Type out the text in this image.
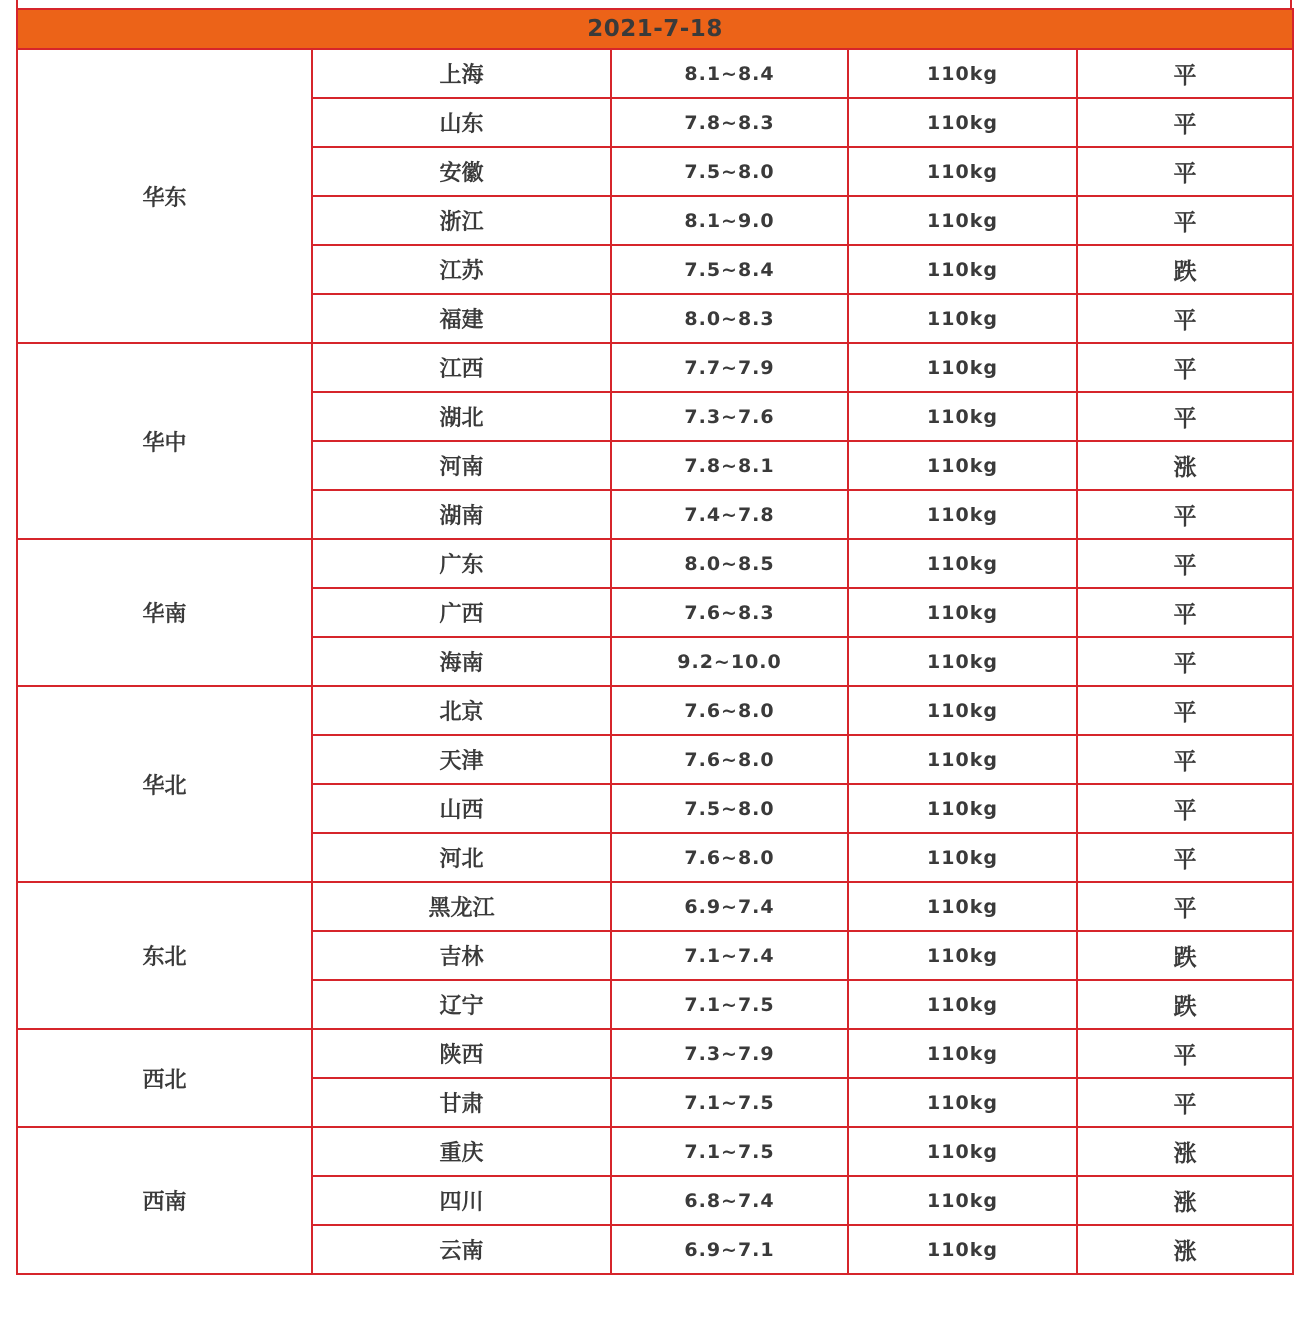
2021-7-18				
华东	上海	8.1~8.4	110kg	平
	山东	7.8~8.3	110kg	平
	安徽	7.5~8.0	110kg	平
	浙江	8.1~9.0	110kg	平
	江苏	7.5~8.4	110kg	跌
	福建	8.0~8.3	110kg	平
华中	江西	7.7~7.9	110kg	平
	湖北	7.3~7.6	110kg	平
	河南	7.8~8.1	110kg	涨
	湖南	7.4~7.8	110kg	平
华南	广东	8.0~8.5	110kg	平
	广西	7.6~8.3	110kg	平
	海南	9.2~10.0	110kg	平
华北	北京	7.6~8.0	110kg	平
	天津	7.6~8.0	110kg	平
	山西	7.5~8.0	110kg	平
	河北	7.6~8.0	110kg	平
东北	黑龙江	6.9~7.4	110kg	平
	吉林	7.1~7.4	110kg	跌
	辽宁	7.1~7.5	110kg	跌
西北	陕西	7.3~7.9	110kg	平
	甘肃	7.1~7.5	110kg	平
西南	重庆	7.1~7.5	110kg	涨
	四川	6.8~7.4	110kg	涨
	云南	6.9~7.1	110kg	涨
